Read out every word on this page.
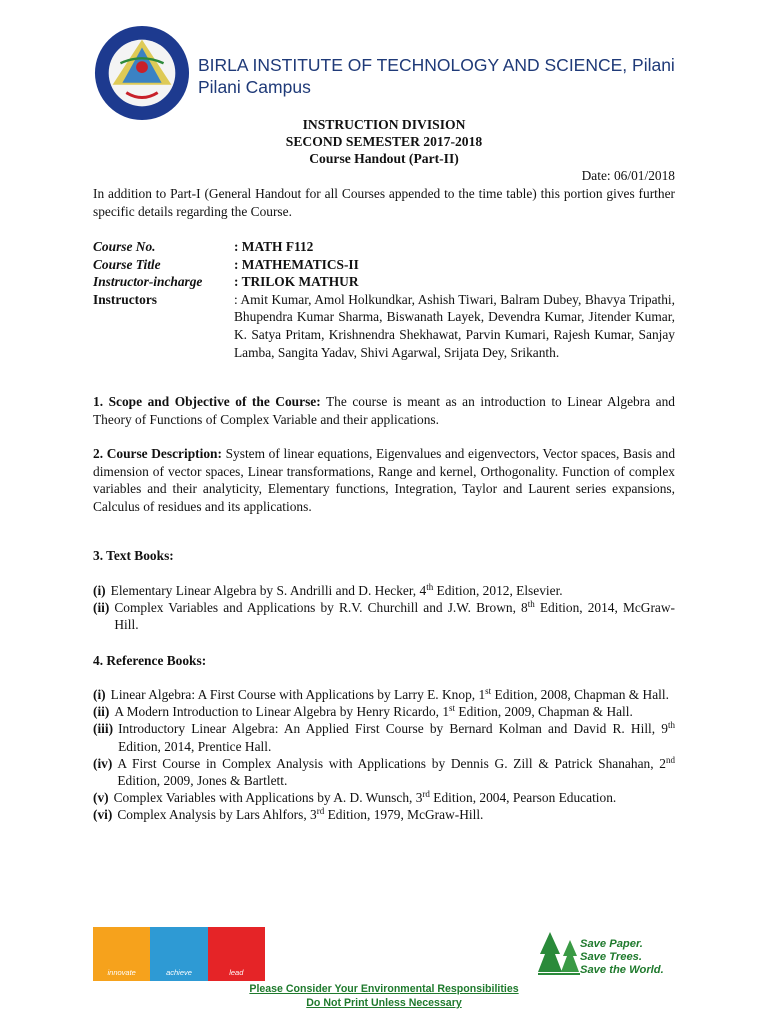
BIRLA INSTITUTE OF TECHNOLOGY AND SCIENCE, Pilani
Pilani Campus
INSTRUCTION DIVISION
SECOND SEMESTER 2017-2018
Course Handout (Part-II)
Date: 06/01/2018
In addition to Part-I (General Handout for all Courses appended to the time table) this portion gives further specific details regarding the Course.
Course No.	: MATH F112
Course Title	: MATHEMATICS-II
Instructor-incharge	: TRILOK MATHUR
Instructors	: Amit Kumar, Amol Holkundkar, Ashish Tiwari, Balram Dubey, Bhavya Tripathi, Bhupendra Kumar Sharma, Biswanath Layek, Devendra Kumar, Jitender Kumar, K. Satya Pritam, Krishnendra Shekhawat, Parvin Kumari, Rajesh Kumar, Sanjay Lamba, Sangita Yadav, Shivi Agarwal, Srijata Dey, Srikanth.
1. Scope and Objective of the Course: The course is meant as an introduction to Linear Algebra and Theory of Functions of Complex Variable and their applications.
2. Course Description: System of linear equations, Eigenvalues and eigenvectors, Vector spaces, Basis and dimension of vector spaces, Linear transformations, Range and kernel, Orthogonality. Function of complex variables and their analyticity, Elementary functions, Integration, Taylor and Laurent series expansions, Calculus of residues and its applications.
3. Text Books:
(i) Elementary Linear Algebra by S. Andrilli and D. Hecker, 4th Edition, 2012, Elsevier.
(ii) Complex Variables and Applications by R.V. Churchill and J.W. Brown, 8th Edition, 2014, McGraw-Hill.
4. Reference Books:
(i) Linear Algebra: A First Course with Applications by Larry E. Knop, 1st Edition, 2008, Chapman & Hall.
(ii) A Modern Introduction to Linear Algebra by Henry Ricardo, 1st Edition, 2009, Chapman & Hall.
(iii) Introductory Linear Algebra: An Applied First Course by Bernard Kolman and David R. Hill, 9th Edition, 2014, Prentice Hall.
(iv) A First Course in Complex Analysis with Applications by Dennis G. Zill & Patrick Shanahan, 2nd Edition, 2009, Jones & Bartlett.
(v) Complex Variables with Applications by A. D. Wunsch, 3rd Edition, 2004, Pearson Education.
(vi) Complex Analysis by Lars Ahlfors, 3rd Edition, 1979, McGraw-Hill.
innovate	achieve	lead
Save Paper.
Save Trees.
Save the World.
Please Consider Your Environmental Responsibilities
Do Not Print Unless Necessary
